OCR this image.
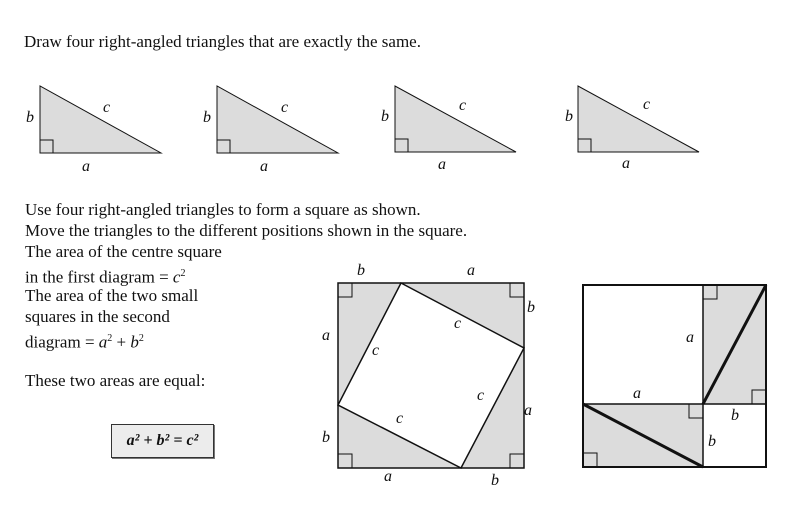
Draw four right-angled triangles that are exactly the same.
b
c
a
b
c
a
b
c
a
b
c
a
Use four right-angled triangles to form a square as shown.
Move the triangles to the different positions shown in the square.
The area of the centre square
in the first diagram = $c^2$
The area of the two small
squares in the second
diagram = $a^2 + b^2$
These two areas are equal:
a² + b² = c²
b	a
b
a
a
b
a	b
c
c
c
c
a
a
b
b
